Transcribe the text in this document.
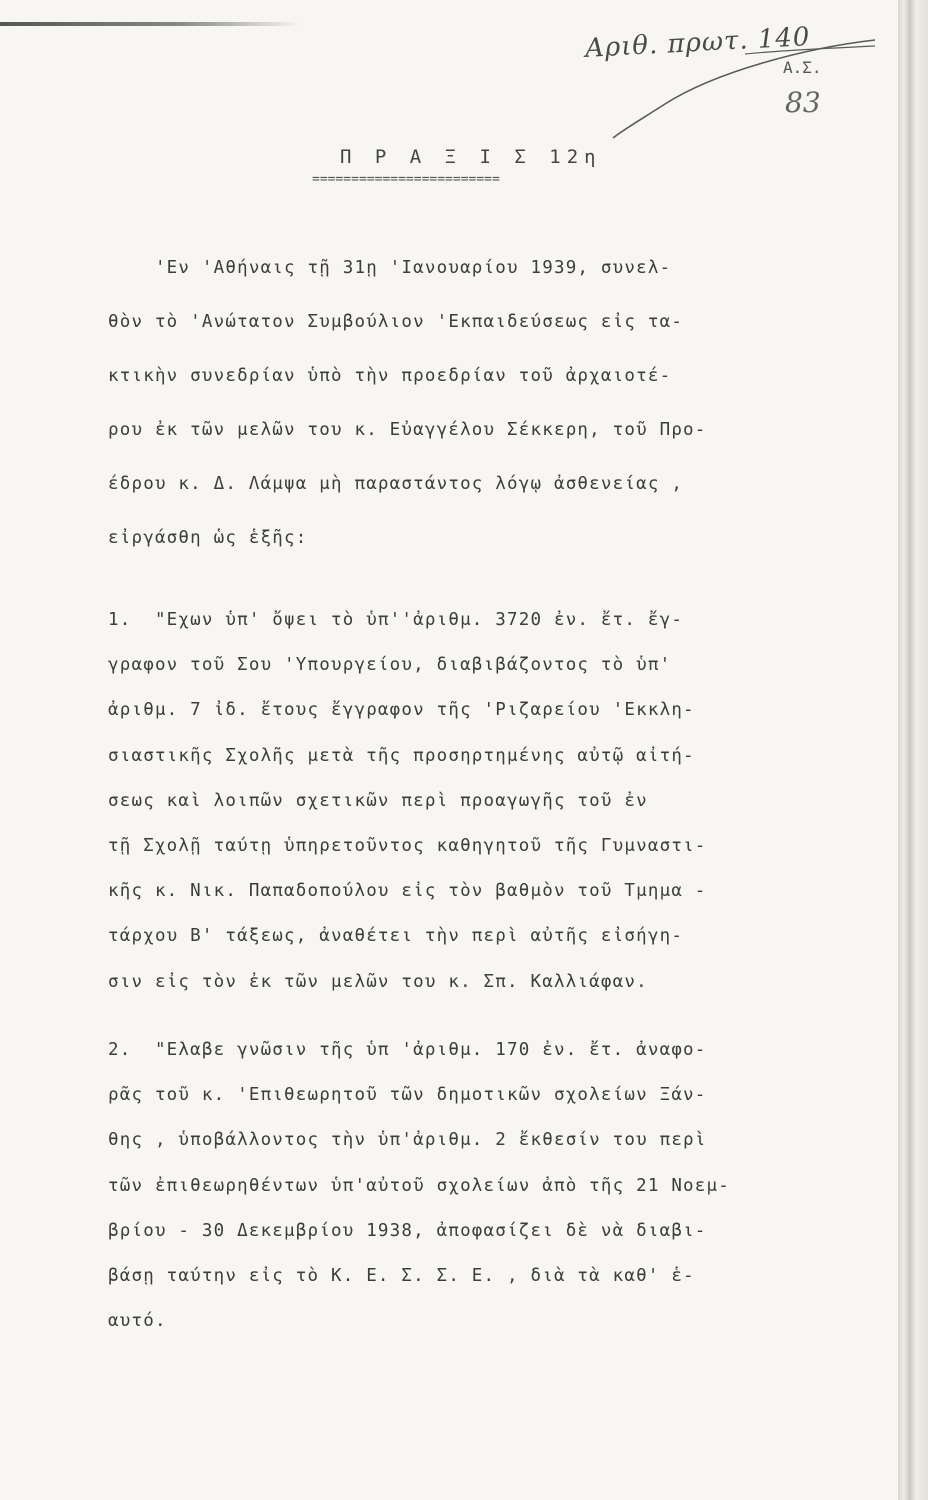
Αριθ. πρωτ. 140
Α.Σ.
83
Π Ρ Α Ξ Ι Σ 12η
========================
'Εν 'Αθήναις τῇ 31ῃ 'Ιανουαρίου 1939, συνελ-
θὸν τὸ 'Ανώτατον Συμβούλιον 'Εκπαιδεύσεως εἰς τα-
κτικὴν συνεδρίαν ὑπὸ τὴν προεδρίαν τοῦ ἀρχαιοτέ-
ρου ἐκ τῶν μελῶν του κ. Εὐαγγέλου Σέκκερη, τοῦ Προ-
έδρου κ. Δ. Λάμψα μὴ παραστάντος λόγῳ ἀσθενείας ,
εἰργάσθη ὡς ἑξῆς:
1.  "Εχων ὑπ' ὄψει τὸ ὑπ''ἀριθμ. 3720 ἐν. ἔτ. ἔγ-
γραφον τοῦ Σου 'Υπουργείου, διαβιβάζοντος τὸ ὑπ'
ἀριθμ. 7 ἰδ. ἔτους ἔγγραφον τῆς 'Ριζαρείου 'Εκκλη-
σιαστικῆς Σχολῆς μετὰ τῆς προσηρτημένης αὐτῷ αἰτή-
σεως καὶ λοιπῶν σχετικῶν περὶ προαγωγῆς τοῦ ἐν
τῇ Σχολῇ ταύτῃ ὑπηρετοῦντος καθηγητοῦ τῆς Γυμναστι-
κῆς κ. Νικ. Παπαδοπούλου εἰς τὸν βαθμὸν τοῦ Τμημα -
τάρχου Β' τάξεως, ἀναθέτει τὴν περὶ αὐτῆς εἰσήγη-
σιν εἰς τὸν ἐκ τῶν μελῶν του κ. Σπ. Καλλιάφαν.
2.  "Ελαβε γνῶσιν τῆς ὑπ 'ἀριθμ. 170 ἐν. ἔτ. ἀναφο-
ρᾶς τοῦ κ. 'Επιθεωρητοῦ τῶν δημοτικῶν σχολείων Ξάν-
θης , ὑποβάλλοντος τὴν ὑπ'ἀριθμ. 2 ἔκθεσίν του περὶ
τῶν ἐπιθεωρηθέντων ὑπ'αὐτοῦ σχολείων ἀπὸ τῆς 21 Νοεμ-
βρίου - 30 Δεκεμβρίου 1938, ἀποφασίζει δὲ νὰ διαβι-
βάσῃ ταύτην εἰς τὸ Κ. Ε. Σ. Σ. Ε. , διὰ τὰ καθ' ἑ-
αυτό.
